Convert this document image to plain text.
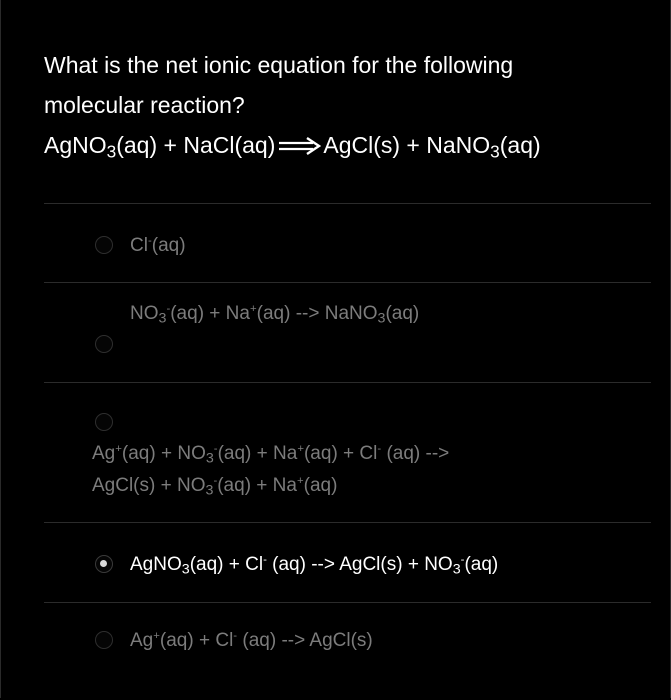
What is the net ionic equation for the following
molecular reaction?
AgNO$_3$(aq) + NaCl(aq) AgCl(s) + NaNO$_3$(aq)
Cl-(aq)
$NO_3^-(aq) + Na^+(aq)$ --> NaNO$_3$(aq)
$Ag^+(aq) + NO_3^-(aq) + Na^+(aq) + Cl^-$ (aq) -->
AgCl(s) + $NO_3^-(aq) + Na^+(aq)$
AgNO$_3$(aq) + Cl- (aq) --> AgCl(s) + $NO_3^-(aq)$
Ag+(aq) + Cl- (aq) --> AgCl(s)
